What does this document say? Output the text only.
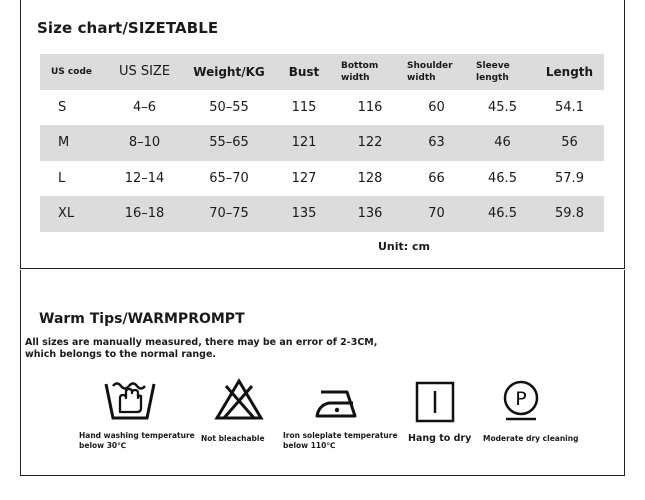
Size chart/SIZETABLE
US code	US SIZE	Weight/KG	Bust	Bottom width	Shoulder width	Sleeve length	Length
S	4–6	50–55	115	116	60	45.5	54.1
M	8–10	55–65	121	122	63	46	56
L	12–14	65–70	127	128	66	46.5	57.9
XL	16–18	70–75	135	136	70	46.5	59.8
Unit: cm
Warm Tips/WARMPROMPT
All sizes are manually measured, there may be an error of 2-3CM,
which belongs to the normal range.
P
Hand washing temperature
below 30℃
Not bleachable Iron soleplate temperature
below 110℃
Hang to dry Moderate dry cleaning
